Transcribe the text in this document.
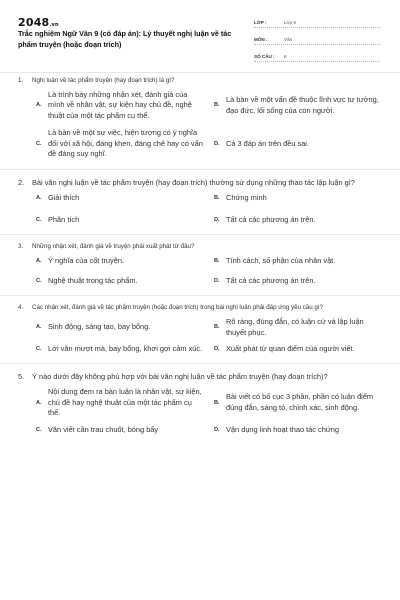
2048.vn
Trắc nghiệm Ngữ Văn 9 (có đáp án): Lý thuyết nghị luận về tác phẩm truyện (hoặc đoạn trích)
LỚP :	Lớp 9
MÔN :	Văn
SỐ CÂU :	6
1.	Nghị luận về tác phẩm truyện (hay đoạn trích) là gì?
A.
Là trình bày những nhận xét, đánh giá của mình về nhân vật, sự kiện hay chủ đề, nghệ thuật của một tác phẩm cụ thể.
B.
Là bàn về một vấn đề thuộc lĩnh vực tư tưởng, đạo đức, lối sống của con người.
C.
Là bàn về một sự việc, hiện tượng có ý nghĩa đối với xã hội, đáng khen, đáng chê hay có vấn đề đáng suy nghĩ.
D. Cả 3 đáp án trên đều sai.
2.	Bài văn nghị luận về tác phẩm truyện (hay đoạn trích) thường sử dụng những thao tác lập luận gì?
A. Giải thích	B. Chứng minh
C. Phân tích	D. Tất cả các phương án trên.
3.	Những nhận xét, đánh giá về truyện phải xuất phát từ đâu?
A. Ý nghĩa của cốt truyện.	B. Tính cách, số phận của nhân vật.
C. Nghệ thuật trong tác phẩm.	D. Tất cả các phương án trên.
4.	Các nhận xét, đánh giá về tác phẩm truyện (hoặc đoạn trích) trong bài nghị luận phải đáp ứng yêu cầu gì?
A. Sinh động, sáng tạo, bay bổng.	B.
Rõ ràng, đúng đắn, có luận cứ và lập luận thuyết phục.
C. Lời văn mượt mà, bay bổng, khơi gợi cảm xúc.	D. Xuất phát từ quan điểm của người viết.
5.	Ý nào dưới đây không phù hợp với bài văn nghị luận về tác phẩm truyện (hay đoạn trích)?
A.
Nội dung đem ra bàn luận là nhân vật, sự kiện, chủ đề hay nghệ thuật của một tác phẩm cụ thể.
B.
Bài viết có bố cục 3 phần, phần có luận điểm đúng đắn, sáng tỏ, chính xác, sinh động.
C. Văn viết cần trau chuốt, bóng bẩy	D. Vận dụng linh hoạt thao tác chứng
